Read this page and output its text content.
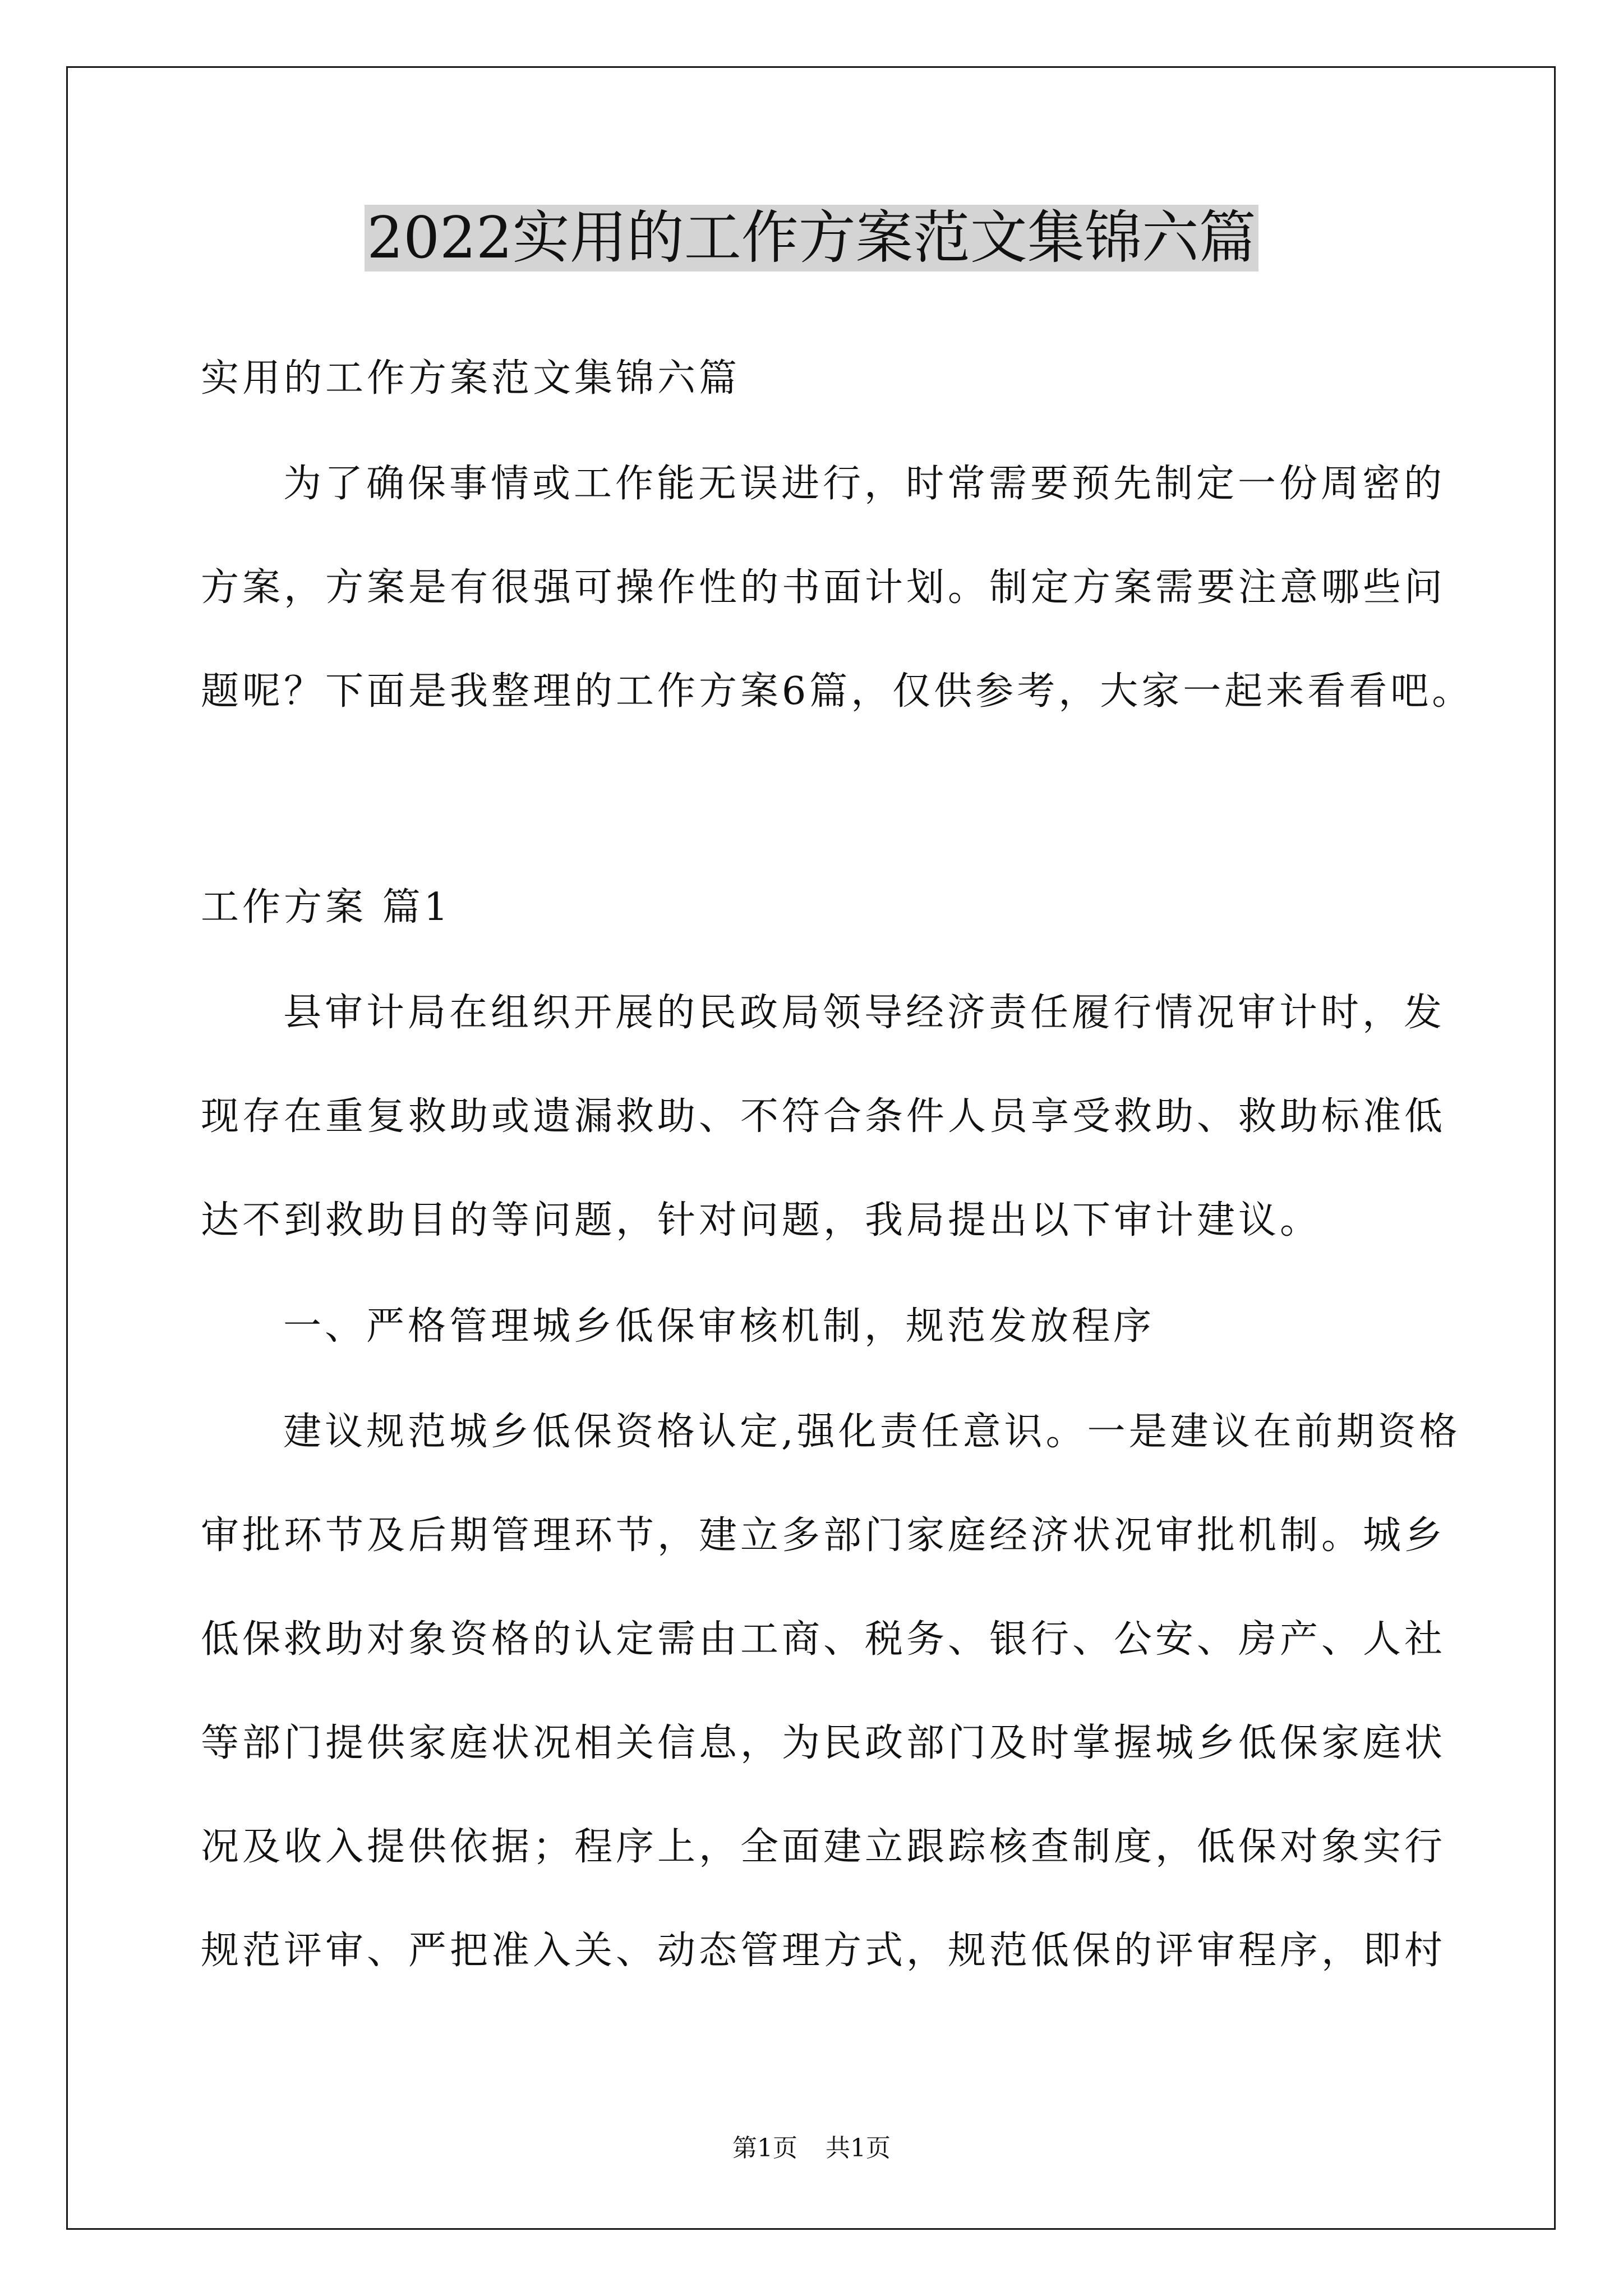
2022实用的工作方案范文集锦六篇
实用的工作方案范文集锦六篇
为了确保事情或工作能无误进行，时常需要预先制定一份周密的
方案，方案是有很强可操作性的书面计划。制定方案需要注意哪些问
题呢？下面是我整理的工作方案6篇，仅供参考，大家一起来看看吧。
工作方案 篇1
县审计局在组织开展的民政局领导经济责任履行情况审计时，发
现存在重复救助或遗漏救助、不符合条件人员享受救助、救助标准低
达不到救助目的等问题，针对问题，我局提出以下审计建议。
一、严格管理城乡低保审核机制，规范发放程序
建议规范城乡低保资格认定,强化责任意识。一是建议在前期资格
审批环节及后期管理环节，建立多部门家庭经济状况审批机制。城乡
低保救助对象资格的认定需由工商、税务、银行、公安、房产、人社
等部门提供家庭状况相关信息，为民政部门及时掌握城乡低保家庭状
况及收入提供依据；程序上，全面建立跟踪核查制度，低保对象实行
规范评审、严把准入关、动态管理方式，规范低保的评审程序，即村
第1页 共1页
